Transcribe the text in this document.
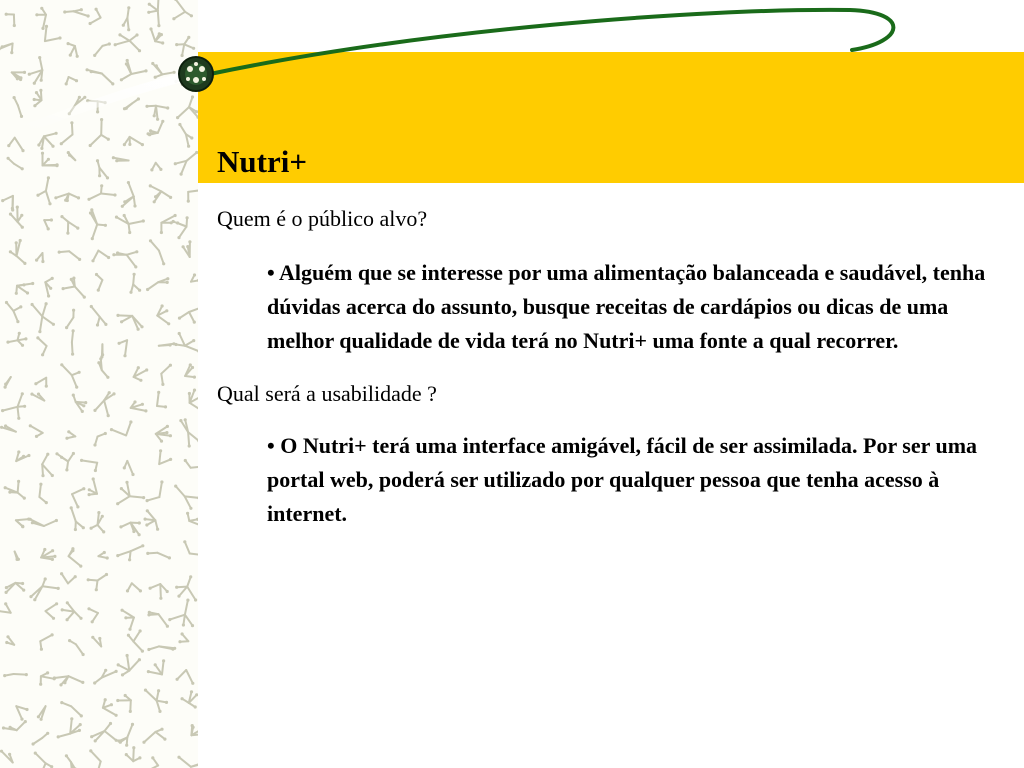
Nutri+

Quem é o público alvo?

• Alguém que se interesse por uma alimentação balanceada e saudável, tenha dúvidas acerca do assunto, busque receitas de cardápios ou dicas de uma melhor qualidade de vida terá no Nutri+ uma fonte a qual recorrer.

Qual será a usabilidade ?

• O Nutri+ terá uma interface amigável, fácil de ser assimilada. Por ser uma portal web, poderá ser utilizado por qualquer pessoa que tenha acesso à internet.
